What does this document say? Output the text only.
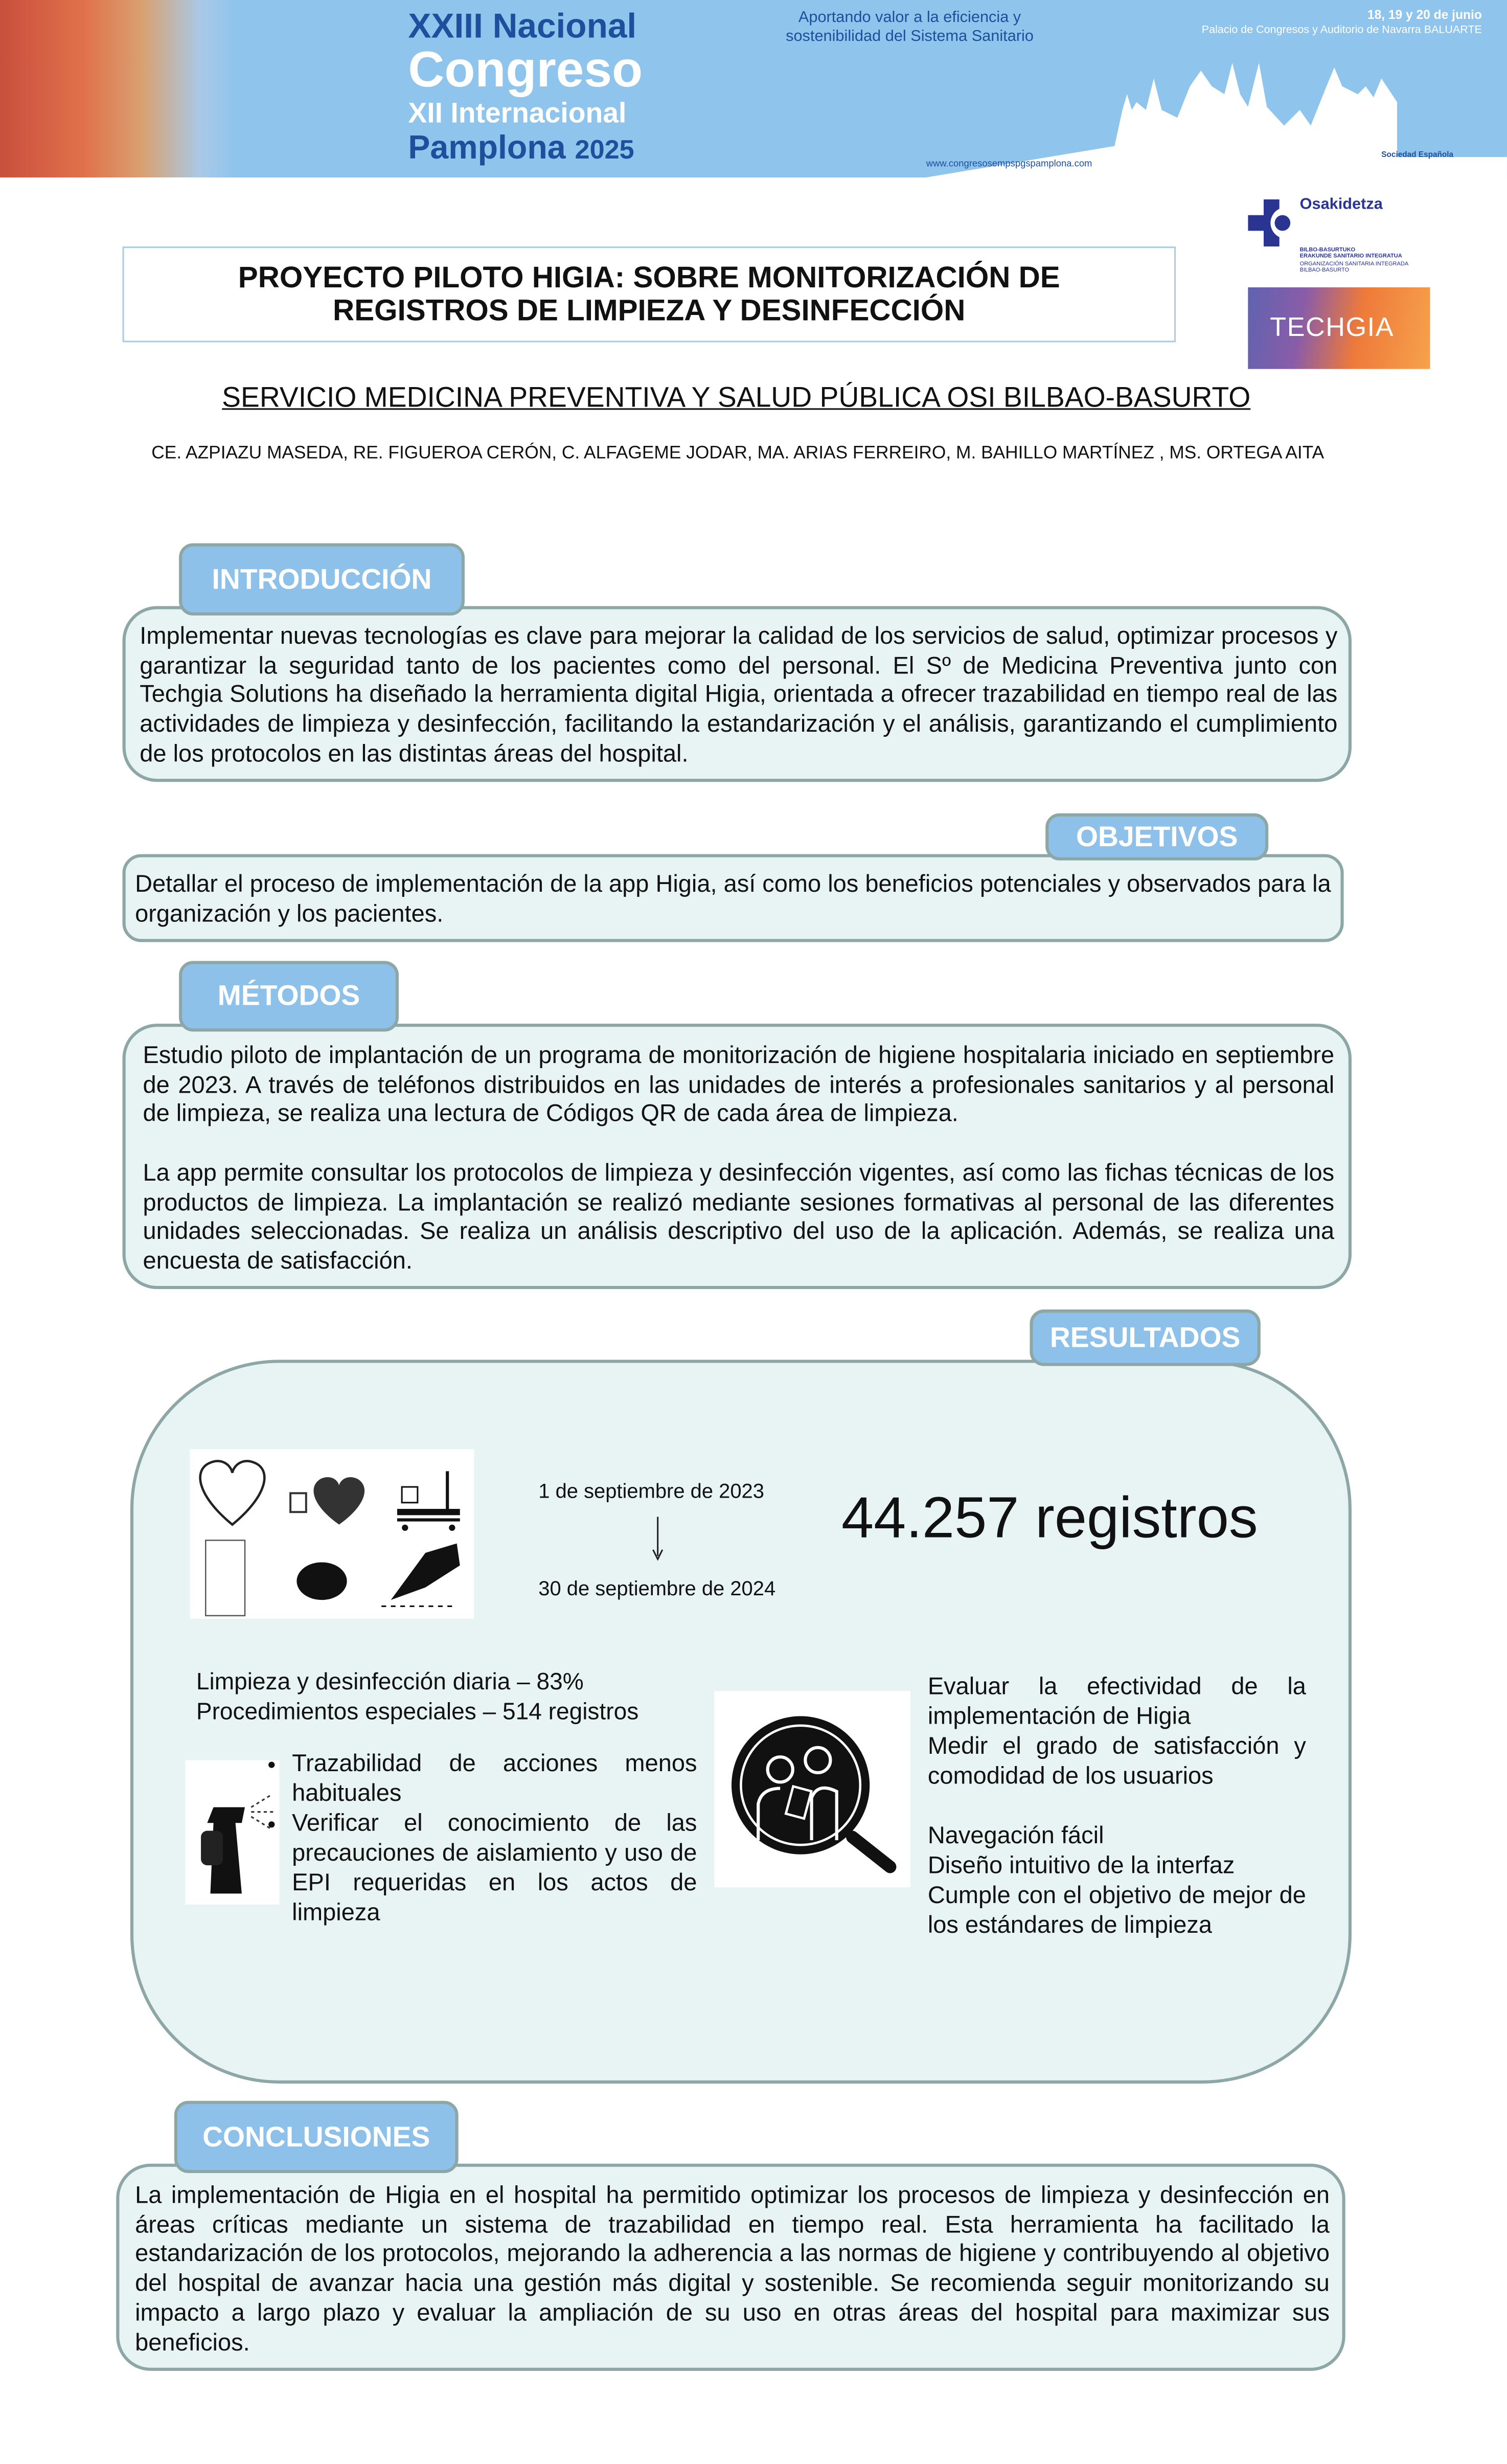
XXIII Nacional
Congreso
XII Internacional
Pamplona 2025
Aportando valor a la eficiencia y
sostenibilidad del Sistema Sanitario
18, 19 y 20 de junio
Palacio de Congresos y Auditorio de Navarra BALUARTE
www.congresosempspgspamplona.com
Sociedad Española
PROYECTO PILOTO HIGIA: SOBRE MONITORIZACIÓN DE
REGISTROS DE LIMPIEZA Y DESINFECCIÓN
Osakidetza
BILBO-BASURTUKO
ERAKUNDE SANITARIO INTEGRATUA
ORGANIZACIÓN SANITARIA INTEGRADA
BILBAO-BASURTO
TECHGIA
SERVICIO MEDICINA PREVENTIVA Y SALUD PÚBLICA OSI BILBAO-BASURTO
CE. AZPIAZU MASEDA, RE. FIGUEROA CERÓN, C. ALFAGEME JODAR, MA. ARIAS FERREIRO, M. BAHILLO MARTÍNEZ , MS. ORTEGA AITA
Implementar nuevas tecnologías es clave para mejorar la calidad de los servicios de salud, optimizar procesos y garantizar la seguridad tanto de los pacientes como del personal. El Sº de Medicina Preventiva junto con Techgia Solutions ha diseñado la herramienta digital Higia, orientada a ofrecer trazabilidad en tiempo real de las actividades de limpieza y desinfección, facilitando la estandarización y el análisis, garantizando el cumplimiento de los protocolos en las distintas áreas del hospital.
INTRODUCCIÓN
Detallar el proceso de implementación de la app Higia, así como los beneficios potenciales y observados para la organización y los pacientes.
OBJETIVOS
Estudio piloto de implantación de un programa de monitorización de higiene hospitalaria iniciado en septiembre de 2023. A través de teléfonos distribuidos en las unidades de interés a profesionales sanitarios y al personal de limpieza, se realiza una lectura de Códigos QR de cada área de limpieza.
La app permite consultar los protocolos de limpieza y desinfección vigentes, así como las fichas técnicas de los productos de limpieza. La implantación se realizó mediante sesiones formativas al personal de las diferentes unidades seleccionadas. Se realiza un análisis descriptivo del uso de la aplicación. Además, se realiza una encuesta de satisfacción.
MÉTODOS
RESULTADOS
1 de septiembre de 2023
30 de septiembre de 2024
44.257 registros
Limpieza y desinfección diaria – 83%
Procedimientos especiales – 514 registros
• Trazabilidad de acciones menos habituales
• Verificar el conocimiento de las precauciones de aislamiento y uso de EPI requeridas en los actos de limpieza
Evaluar la efectividad de la implementación de Higia
Medir el grado de satisfacción y comodidad de los usuarios
Navegación fácil
Diseño intuitivo de la interfaz
Cumple con el objetivo de mejor de los estándares de limpieza
La implementación de Higia en el hospital ha permitido optimizar los procesos de limpieza y desinfección en áreas críticas mediante un sistema de trazabilidad en tiempo real. Esta herramienta ha facilitado la estandarización de los protocolos, mejorando la adherencia a las normas de higiene y contribuyendo al objetivo del hospital de avanzar hacia una gestión más digital y sostenible. Se recomienda seguir monitorizando su impacto a largo plazo y evaluar la ampliación de su uso en otras áreas del hospital para maximizar sus beneficios.
CONCLUSIONES
